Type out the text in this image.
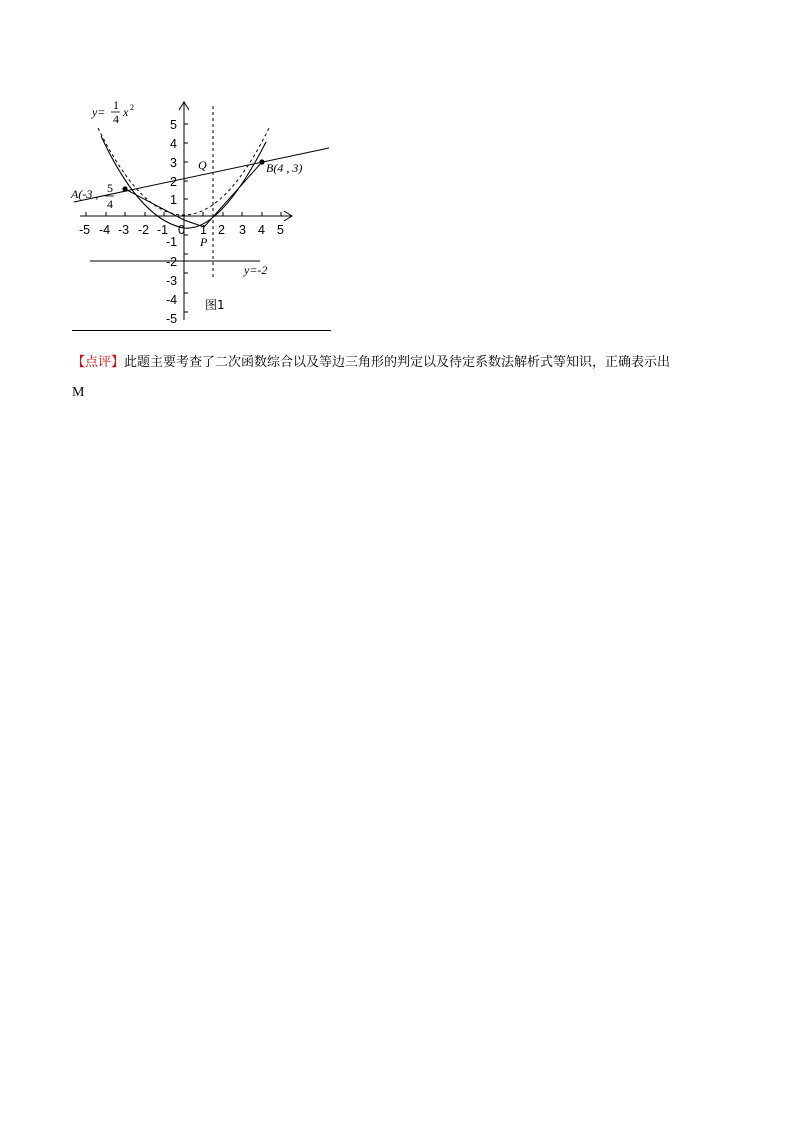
y= 1
4 x 2
-5 -4 -3 -2 -1 0 1 2 3 4 5
5
4
3
2
1
-1
-2
-3
-4
-5
A(-3 , 5
4
B(4 , 3)
Q
P
y=-2
图1
【点评】此题主要考查了二次函数综合以及等边三角形的判定以及待定系数法解析式等知识，正确表示出
M
